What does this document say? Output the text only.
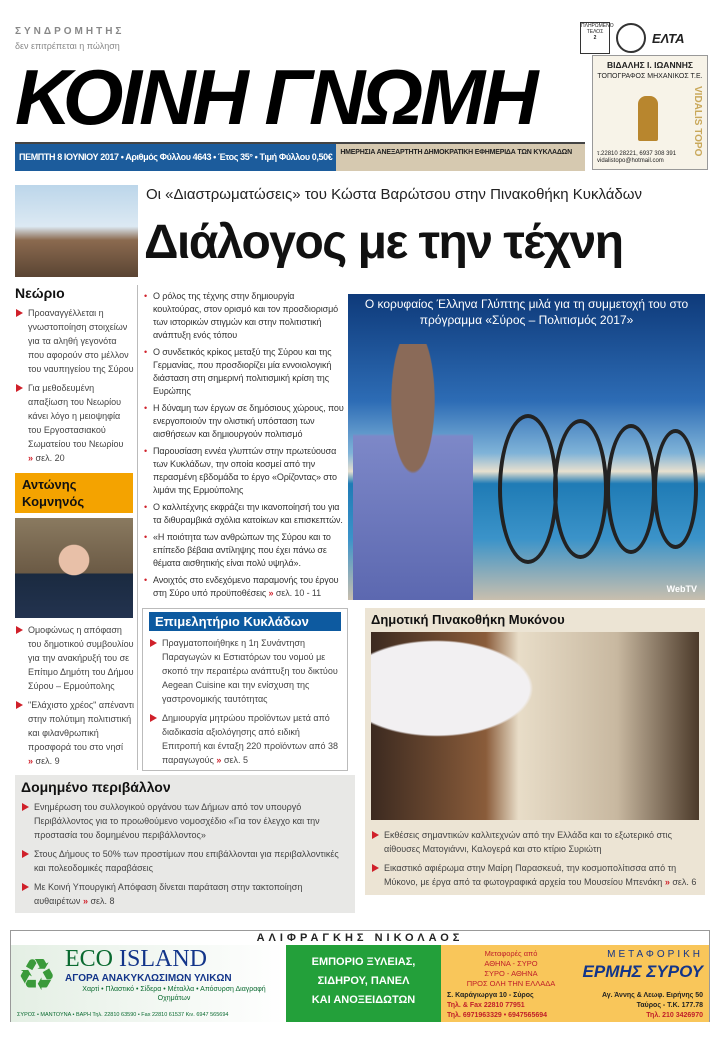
ΣΥΝΔΡΟΜΗΤΗΣ
δεν επιτρέπεται η πώληση
ΠΛΗΡΩΜΕΝΟ ΤΕΛΟΣ
2	ΕΛΤΑ
ΚΟΙΝΗ ΓΝΩΜΗ
ΠΕΜΠΤΗ 8 ΙΟΥΝΙΟΥ 2017 • Αριθμός Φύλλου 4643 • Έτος 35° • Τιμή Φύλλου 0,50€	ΗΜΕΡΗΣΙΑ ΑΝΕΞΑΡΤΗΤΗ ΔΗΜΟΚΡΑΤΙΚΗ ΕΦΗΜΕΡΙΔΑ ΤΩΝ ΚΥΚΛΑΔΩΝ
ΒΙΔΑΛΗΣ Ι. ΙΩΑΝΝΗΣ
ΤΟΠΟΓΡΑΦΟΣ ΜΗΧΑΝΙΚΟΣ Τ.Ε.
VIDALIS TOPO
τ.22810 28221, 6937 308 391 vidalistopo@hotmail.com
Οι «Διαστρωματώσεις» του Κώστα Βαρώτσου στην Πινακοθήκη Κυκλάδων
Διάλογος με την τέχνη
Νεώριο
Προαναγγέλλεται η γνωστοποίηση στοιχείων για τα αληθή γεγονότα που αφορούν στο μέλλον του ναυπηγείου της Σύρου
Για μεθοδευμένη απαξίωση του Νεωρίου κάνει λόγο η μειοψηφία του Εργοστασιακού Σωματείου του Νεωρίου » σελ. 20
Αντώνης Κομνηνός
Ομοφώνως η απόφαση του δημοτικού συμβουλίου για την ανακήρυξή του σε Επίτιμο Δημότη του Δήμου Σύρου – Ερμούπολης
"Ελάχιστο χρέος" απέναντι στην πολύτιμη πολιτιστική και φιλανθρωπική προσφορά του στο νησί » σελ. 9
• Ο ρόλος της τέχνης στην δημιουργία κουλτούρας, στον ορισμό και τον προσδιορισμό των ιστορικών στιγμών και στην πολιτιστική ανάπτυξη ενός τόπου
• Ο συνδετικός κρίκος μεταξύ της Σύρου και της Γερμανίας, που προσδιορίζει μία εννοιολογική διάσταση στη σημερινή πολιτισμική κρίση της Ευρώπης
• Η δύναμη των έργων σε δημόσιους χώρους, που ενεργοποιούν την ολιστική υπόσταση των αισθήσεων και δημιουργούν πολιτισμό
• Παρουσίαση εννέα γλυπτών στην πρωτεύουσα των Κυκλάδων, την οποία κοσμεί από την περασμένη εβδομάδα το έργο «Ορίζοντας» στο λιμάνι της Ερμούπολης
• Ο καλλιτέχνης εκφράζει την ικανοποίησή του για τα διθυραμβικά σχόλια κατοίκων και επισκεπτών.
• «Η ποιότητα των ανθρώπων της Σύρου και το επίπεδο βέβαια αντίληψης που έχει πάνω σε θέματα αισθητικής είναι πολύ υψηλά».
• Ανοιχτός στο ενδεχόμενο παραμονής του έργου στη Σύρο υπό προϋποθέσεις » σελ. 10 - 11
Επιμελητήριο Κυκλάδων
Πραγματοποιήθηκε η 1η Συνάντηση Παραγωγών κι Εστιατόρων του νομού με σκοπό την περαιτέρω ανάπτυξη του δικτύου Aegean Cuisine και την ενίσχυση της γαστρονομικής ταυτότητας
Δημιουργία μητρώου προϊόντων μετά από διαδικασία αξιολόγησης από ειδική Επιτροπή και ένταξη 220 προϊόντων από 38 παραγωγούς » σελ. 5
Ο κορυφαίος Έλληνα Γλύπτης μιλά για τη συμμετοχή του στο πρόγραμμα «Σύρος – Πολιτισμός 2017»
WebTV
Δημοτική Πινακοθήκη Μυκόνου
Εκθέσεις σημαντικών καλλιτεχνών από την Ελλάδα και το εξωτερικό στις αίθουσες Ματογιάννι, Καλογερά και στο κτίριο Συριώτη
Εικαστικό αφιέρωμα στην Μαίρη Παρασκευά, την κοσμοπολίτισσα από τη Μύκονο, με έργα από τα φωτογραφικά αρχεία του Μουσείου Μπενάκη » σελ. 6
Δομημένο περιβάλλον
Ενημέρωση του συλλογικού οργάνου των Δήμων από τον υπουργό Περιβάλλοντος για το προωθούμενο νομοσχέδιο «Για τον έλεγχο και την προστασία του δομημένου περιβάλλοντος»
Στους Δήμους το 50% των προστίμων που επιβάλλονται για περιβαλλοντικές και πολεοδομικές παραβάσεις
Με Κοινή Υπουργική Απόφαση δίνεται παράταση στην τακτοποίηση αυθαιρέτων » σελ. 8
ΑΛΙΦΡΑΓΚΗΣ ΝΙΚΟΛΑΟΣ
♻ ECO ISLAND
ΑΓΟΡΑ ΑΝΑΚΥΚΛΩΣΙΜΩΝ ΥΛΙΚΩΝ
Χαρτί • Πλαστικό • Σίδερα • Μέταλλα • Απόσυρση Διαγραφή Οχημάτων
ΣΥΡΟΣ • ΜΑΝΤΟΥΝΑ • ΒΑΡΗ Τηλ. 22810 63590 • Fax 22810 61537 Κιν. 6947 565694
ΕΜΠΟΡΙΟ ΞΥΛΕΙΑΣ,
ΣΙΔΗΡΟΥ, ΠΑΝΕΛ
ΚΑΙ ΑΝΟΞΕΙΔΩΤΩΝ
Μεταφορές από
ΑΘΗΝΑ - ΣΥΡΟ
ΣΥΡΟ - ΑΘΗΝΑ
ΠΡΟΣ ΟΛΗ ΤΗΝ ΕΛΛΑΔΑ
Σ. Καράγιωργα 10 - Σύρος
Τηλ. & Fax 22810 77951
Τηλ. 6971963329 • 6947565694
ΜΕΤΑΦΟΡΙΚΗ
ΕΡΜΗΣ ΣΥΡΟΥ
Αγ. Άννης & Λεωφ. Ειρήνης 50
Ταύρος - Τ.Κ. 177.78
Τηλ. 210 3426970
